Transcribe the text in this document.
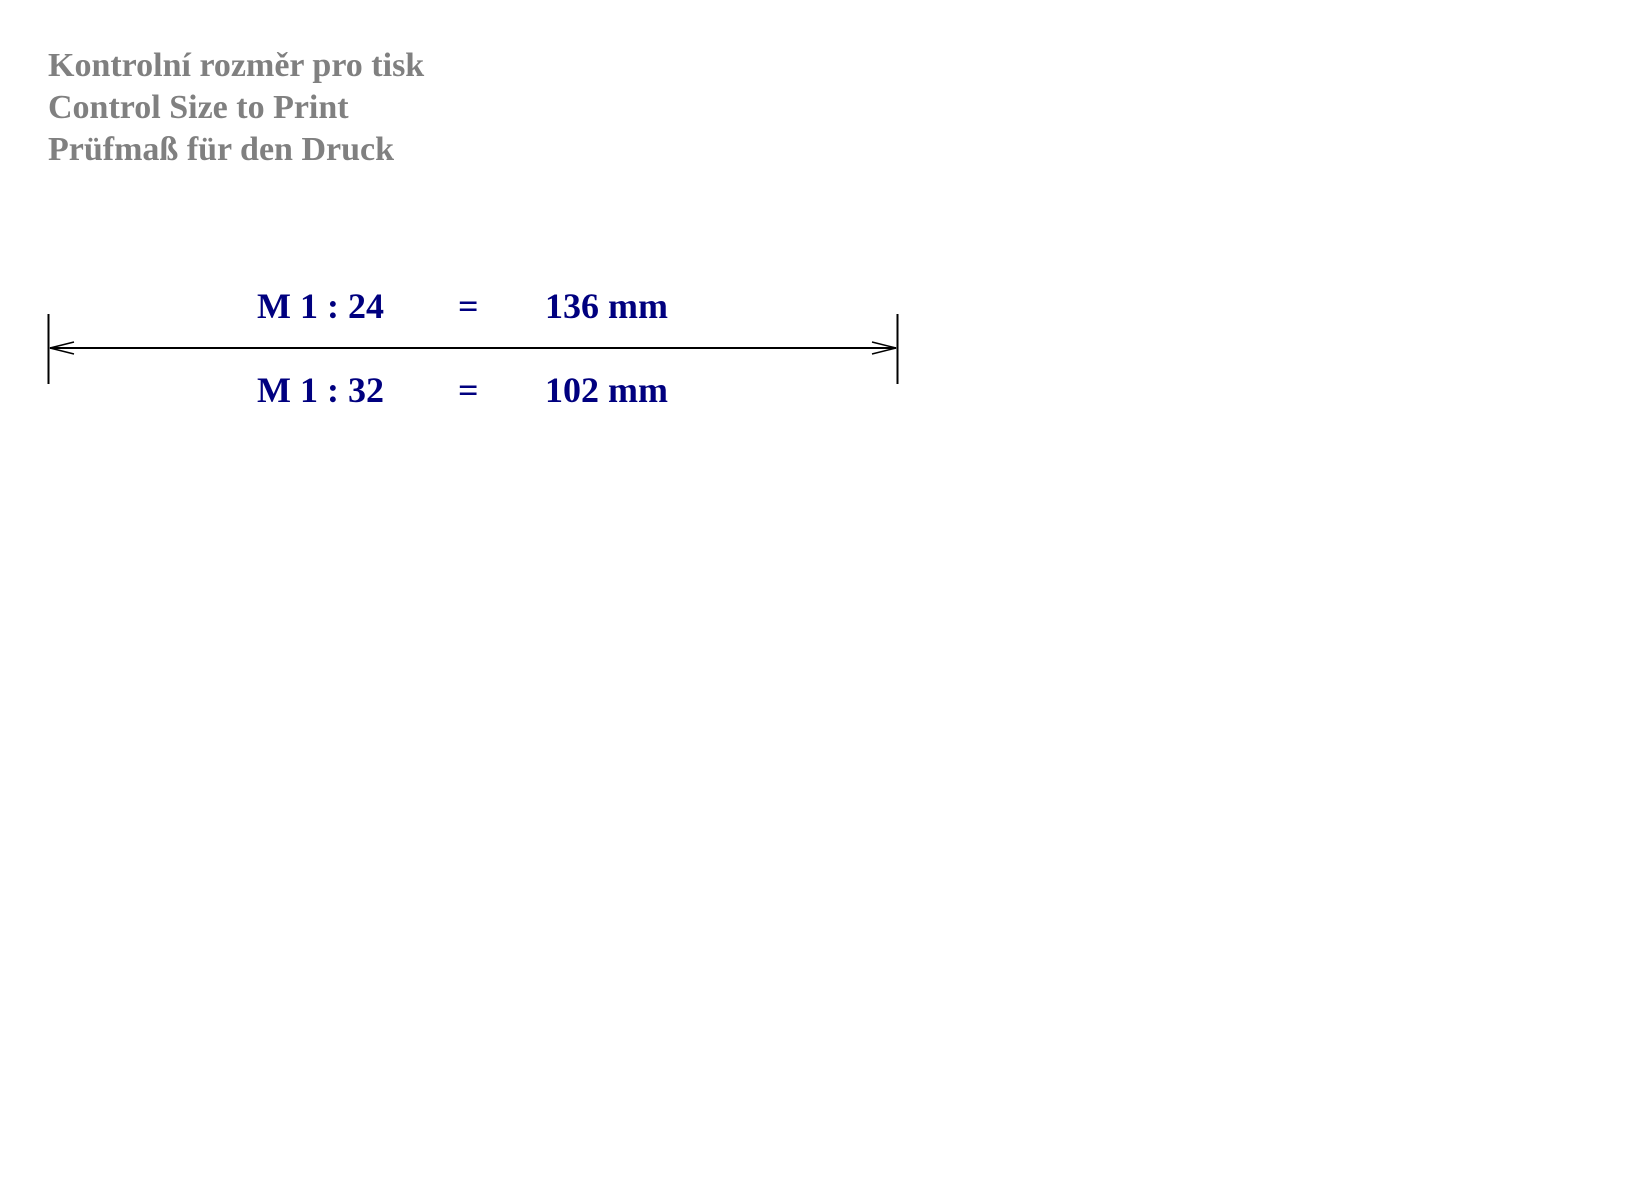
Kontrolní rozměr pro tisk
Control Size to Print
Prüfmaß für den Druck
M 1 : 24 = 136 mm
M 1 : 32 = 102 mm
